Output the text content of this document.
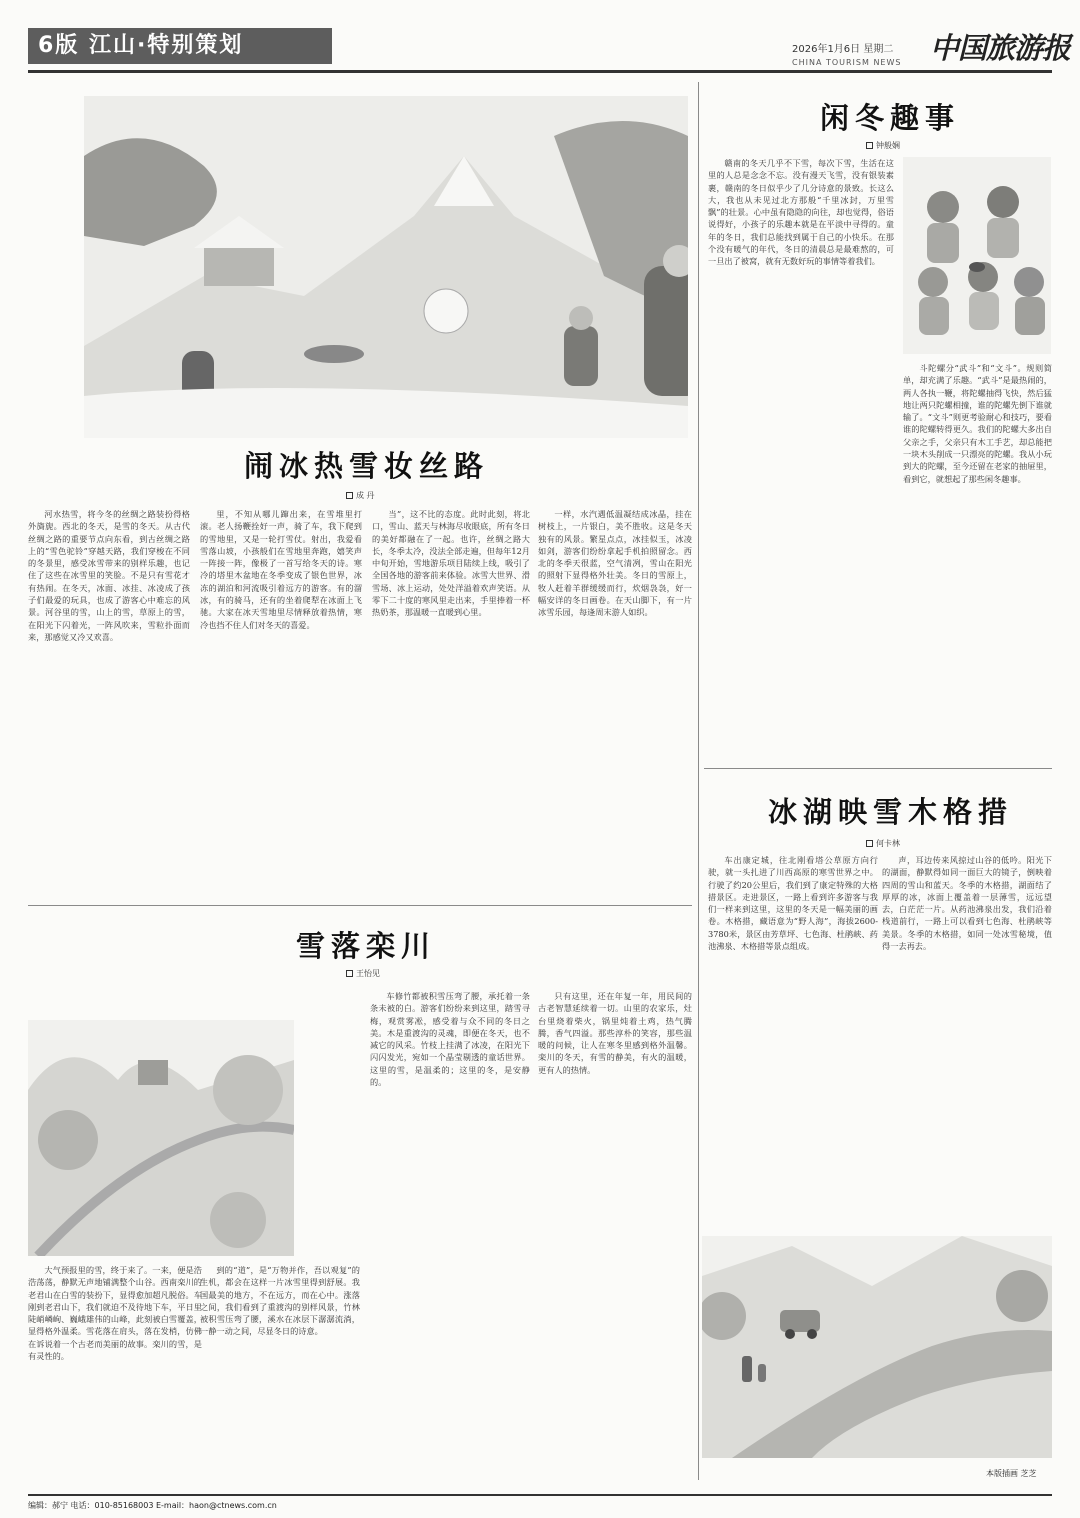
6版 江山·特别策划	2026年1月6日 星期二
CHINA TOURISM NEWS 中国旅游报
闹冰热雪妆丝路
成 丹

河水热雪，将今冬的丝绸之路装扮得格外旖旎。西北的冬天，是雪的冬天。从古代丝绸之路的重要节点向东看，到古丝绸之路上的“雪色驼铃”穿越天路，我们穿梭在不同的冬景里，感受冰雪带来的别样乐趣，也记住了这些在冰雪里的笑脸。不是只有雪花才有热闹。在冬天，冰面、冰挂、冰凌成了孩子们最爱的玩具，也成了游客心中难忘的风景。河谷里的雪，山上的雪，草原上的雪，在阳光下闪着光，一阵风吹来，雪粒扑面而来，那感觉又冷又欢喜。

里，不知从哪儿蹿出来，在雪堆里打滚。老人扬鞭拴好一声，骑了车，我下爬到的雪地里，又是一轮打雪仗。射出，我爱看雪落山坡，小孩般们在雪地里奔跑，嬉笑声一阵接一阵，像极了一首写给冬天的诗。寒冷的塔里木盆地在冬季变成了银色世界，冰冻的湖泊和河流吸引着远方的游客。有的溜冰，有的骑马，还有的坐着爬犁在冰面上飞驰。大家在冰天雪地里尽情释放着热情，寒冷也挡不住人们对冬天的喜爱。

当”，这不比的态度。此时此刻，将北口，雪山、蓝天与林海尽收眼底，所有冬日的美好都融在了一起。也许，丝绸之路大长，冬季太冷，没法全部走遍，但每年12月中旬开始，雪地游乐项目陆续上线，吸引了全国各地的游客前来体验。冰雪大世界、滑雪场、冰上运动，处处洋溢着欢声笑语。从零下二十度的寒风里走出来，手里捧着一杯热奶茶，那温暖一直暖到心里。

一样，水汽遇低温凝结成冰晶，挂在树枝上，一片银白，美不胜收。这是冬天独有的风景。繁星点点，冰挂似玉，冰凌如剑，游客们纷纷拿起手机拍照留念。西北的冬季天很蓝，空气清冽，雪山在阳光的照射下显得格外壮美。冬日的雪原上，牧人赶着羊群缓缓而行，炊烟袅袅，好一幅安详的冬日画卷。在天山脚下，有一片冰雪乐园，每逢周末游人如织。

闲冬趣事
钟般娴

赣南的冬天几乎不下雪，每次下雪，生活在这里的人总是念念不忘。没有漫天飞雪，没有银装素裹，赣南的冬日似乎少了几分诗意的景致。长这么大，我也从未见过北方那般“千里冰封，万里雪飘”的壮景。心中虽有隐隐的向往，却也觉得，俗语说得好，小孩子的乐趣本就是在平淡中寻得的。童年的冬日，我们总能找到属于自己的小快乐。在那个没有暖气的年代，冬日的清晨总是最难熬的，可一旦出了被窝，就有无数好玩的事情等着我们。

斗陀螺分“武斗”和“文斗”。规则简单，却充满了乐趣。“武斗”是最热闹的，两人各执一鞭，将陀螺抽得飞快，然后猛地让两只陀螺相撞，谁的陀螺先倒下谁就输了。“文斗”则更考验耐心和技巧，要看谁的陀螺转得更久。我们的陀螺大多出自父亲之手，父亲只有木工手艺，却总能把一块木头削成一只漂亮的陀螺。我从小玩到大的陀螺，至今还留在老家的抽屉里，看到它，就想起了那些闲冬趣事。

雪落栾川
王怡见

大气预报里的雪，终于来了。一来，便是浩浩荡荡，静默无声地铺满整个山谷。西南栾川的老君山在白雪的装扮下，显得愈加超凡脱俗。车刚到老君山下，我们就迫不及待地下车，平日里陡峭嶙峋、巍峨雄伟的山峰，此刻被白雪覆盖，显得格外温柔。雪花落在肩头，落在发梢，仿佛在诉说着一个古老而美丽的故事。栾川的雪，是有灵性的。

到的“道”，是“万物并作，吾以观复”的生机，都会在这样一片冰雪里得到舒展。我国最美的地方，不在远方，而在心中。涨落之间，我们看到了重渡沟的别样风景，竹林被积雪压弯了腰，溪水在冰层下潺潺流淌，一静一动之间，尽显冬日的诗意。

车修竹都被积雪压弯了腰，承托着一条条未被的白。游客们纷纷来到这里，踏雪寻梅，观赏雾凇，感受着与众不同的冬日之美。木是重渡沟的灵魂，即便在冬天，也不减它的风采。竹枝上挂满了冰凌，在阳光下闪闪发光，宛如一个晶莹剔透的童话世界。这里的雪，是温柔的；这里的冬，是安静的。

只有这里，还在年复一年，用民间的古老智慧延续着一切。山里的农家乐，灶台里烧着柴火，锅里炖着土鸡，热气腾腾，香气四溢。那些淳朴的笑容，那些温暖的问候，让人在寒冬里感到格外温馨。栾川的冬天，有雪的静美，有火的温暖，更有人的热情。

冰湖映雪木格措
何卡林

车出康定城，往北刚看塔公草原方向行驶，就一头扎进了川西高原的寒雪世界之中。行驶了约20公里后，我们到了康定特殊的大格措景区。走进景区，一路上看到许多游客与我们一样来到这里，这里的冬天是一幅美丽的画卷。木格措，藏语意为“野人海”，海拔2600-3780米，景区由芳草坪、七色海、杜鹃峡、药池沸泉、木格措等景点组成。

声，耳边传来风掠过山谷的低吟。阳光下的湖面，静默得如同一面巨大的镜子，倒映着四周的雪山和蓝天。冬季的木格措，湖面结了厚厚的冰，冰面上覆盖着一层薄雪，远远望去，白茫茫一片。从药池沸泉出发，我们沿着栈道前行，一路上可以看到七色海、杜鹃峡等美景。冬季的木格措，如同一处冰雪秘境，值得一去再去。

本版插画 芝芝
编辑：郝宁 电话：010-85168003 E-mail：haon@ctnews.com.cn
